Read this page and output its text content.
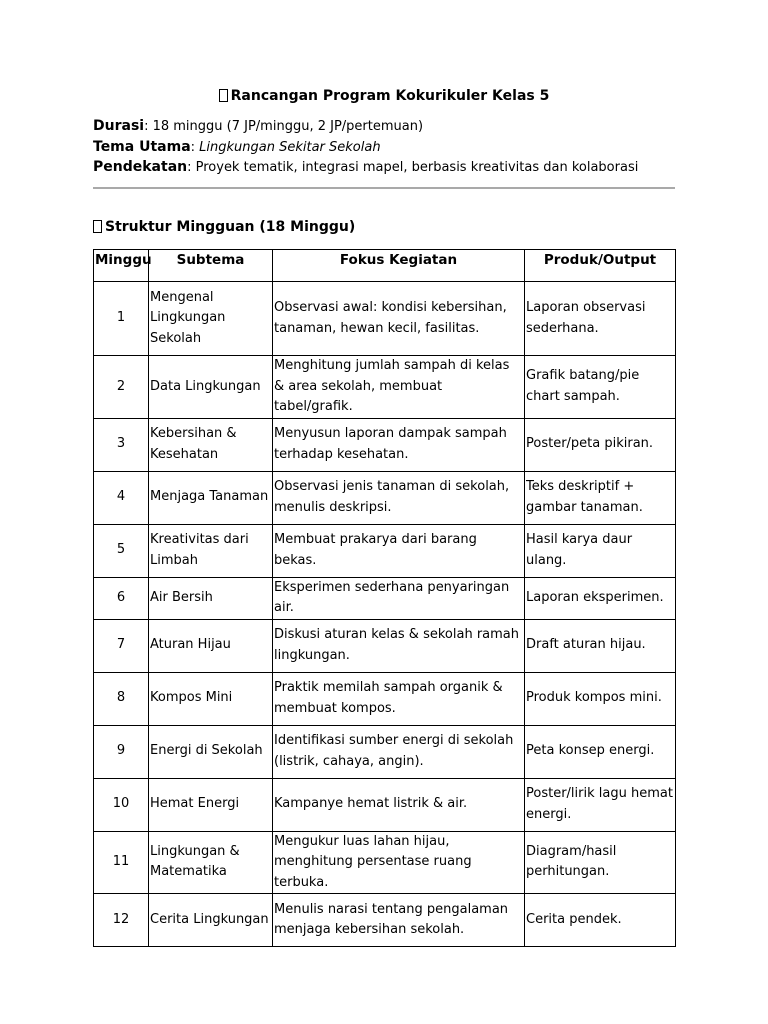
Rancangan Program Kokurikuler Kelas 5
Durasi: 18 minggu (7 JP/minggu, 2 JP/pertemuan)
Tema Utama: Lingkungan Sekitar Sekolah
Pendekatan: Proyek tematik, integrasi mapel, berbasis kreativitas dan kolaborasi
Struktur Mingguan (18 Minggu)
Minggu	Subtema	Fokus Kegiatan	Produk/Output
1	Mengenal Lingkungan Sekolah	Observasi awal: kondisi kebersihan, tanaman, hewan kecil, fasilitas.	Laporan observasi sederhana.
2	Data Lingkungan	Menghitung jumlah sampah di kelas & area sekolah, membuat tabel/grafik.	Grafik batang/pie chart sampah.
3	Kebersihan & Kesehatan	Menyusun laporan dampak sampah terhadap kesehatan.	Poster/peta pikiran.
4	Menjaga Tanaman	Observasi jenis tanaman di sekolah, menulis deskripsi.	Teks deskriptif + gambar tanaman.
5	Kreativitas dari Limbah	Membuat prakarya dari barang bekas.	Hasil karya daur ulang.
6	Air Bersih	Eksperimen sederhana penyaringan air.	Laporan eksperimen.
7	Aturan Hijau	Diskusi aturan kelas & sekolah ramah lingkungan.	Draft aturan hijau.
8	Kompos Mini	Praktik memilah sampah organik & membuat kompos.	Produk kompos mini.
9	Energi di Sekolah	Identifikasi sumber energi di sekolah (listrik, cahaya, angin).	Peta konsep energi.
10	Hemat Energi	Kampanye hemat listrik & air.	Poster/lirik lagu hemat energi.
11	Lingkungan & Matematika	Mengukur luas lahan hijau, menghitung persentase ruang terbuka.	Diagram/hasil perhitungan.
12	Cerita Lingkungan	Menulis narasi tentang pengalaman menjaga kebersihan sekolah.	Cerita pendek.
